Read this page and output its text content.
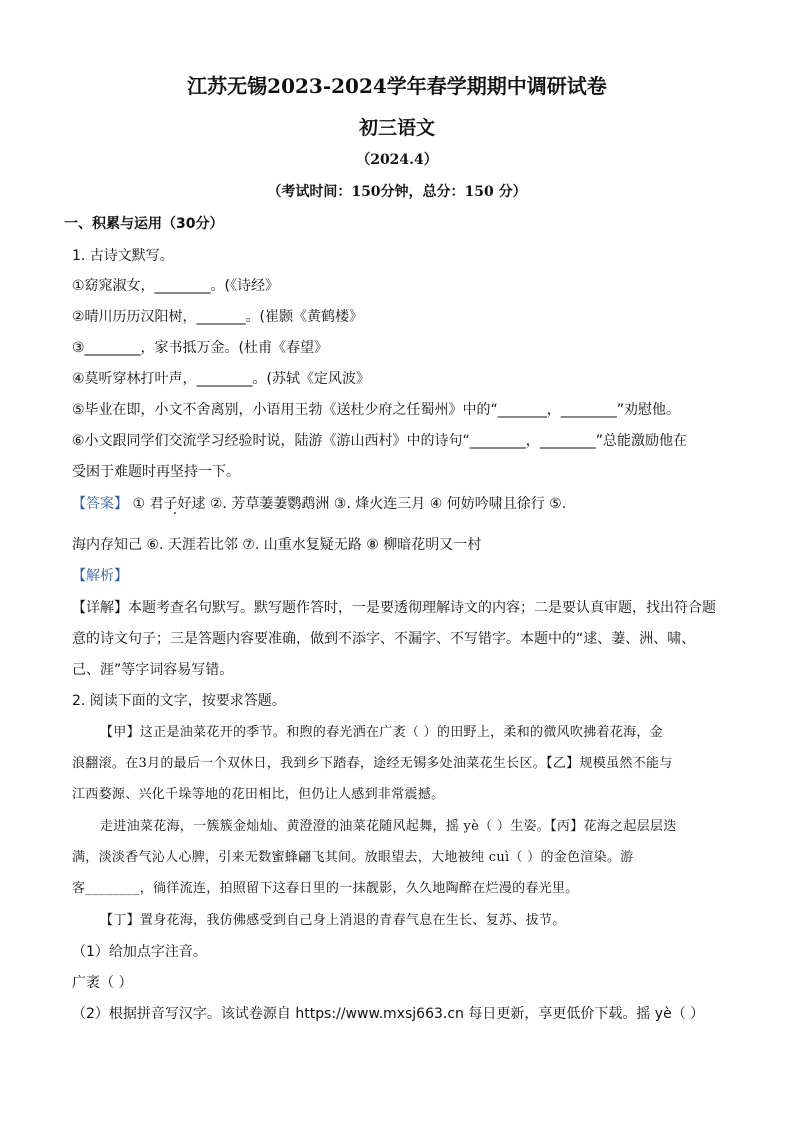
江苏无锡2023-2024学年春学期期中调研试卷
初三语文
（2024.4）
（考试时间：150分钟，总分：150 分）
一、积累与运用（30分）
1. 古诗文默写。
①窈窕淑女，________。(《诗经》
②晴川历历汉阳树，_______。(崔颢《黄鹤楼》
③________，家书抵万金。(杜甫《春望》
④莫听穿林打叶声，________。(苏轼《定风波》
⑤毕业在即，小文不舍离别，小语用王勃《送杜少府之任蜀州》中的“_______，________”劝慰他。
⑥小文跟同学们交流学习经验时说，陆游《游山西村》中的诗句“________，________”总能激励他在
受困于难题时再坚持一下。
【答案】 ① 君子好逑 ②. 芳草萋萋鹦鹉洲 ③. 烽火连三月 ④ 何妨吟啸且徐行 ⑤.
海内存知己 ⑥. 天涯若比邻 ⑦. 山重水复疑无路 ⑧ 柳暗花明又一村
【解析】
【详解】本题考查名句默写。默写题作答时，一是要透彻理解诗文的内容；二是要认真审题，找出符合题
意的诗文句子；三是答题内容要准确，做到不添字、不漏字、不写错字。本题中的“逑、萋、洲、啸、
己、涯”等字词容易写错。
2. 阅读下面的文字，按要求答题。
【甲】这正是油菜花开的季节。和煦的春光洒在广袤（ ）的田野上，柔和的微风吹拂着花海，金
浪翻滚。在3月的最后一个双休日，我到乡下踏春，途经无锡多处油菜花生长区。【乙】规模虽然不能与
江西婺源、兴化千垛等地的花田相比，但仍让人感到非常震撼。
走进油菜花海，一簇簇金灿灿、黄澄澄的油菜花随风起舞，摇 yè（ ）生姿。【丙】花海之起层层迭
满，淡淡香气沁人心脾，引来无数蜜蜂翩飞其间。放眼望去，大地被纯 cuì（ ）的金色渲染。游
客________，徜徉流连，拍照留下这春日里的一抹靓影，久久地陶醉在烂漫的春光里。
【丁】置身花海，我仿佛感受到自己身上消退的青春气息在生长、复苏、拔节。
（1）给加点字注音。
广袤（ ）
（2）根据拼音写汉字。该试卷源自 https://www.mxsj663.cn 每日更新，享更低价下载。摇 yè（ ）
